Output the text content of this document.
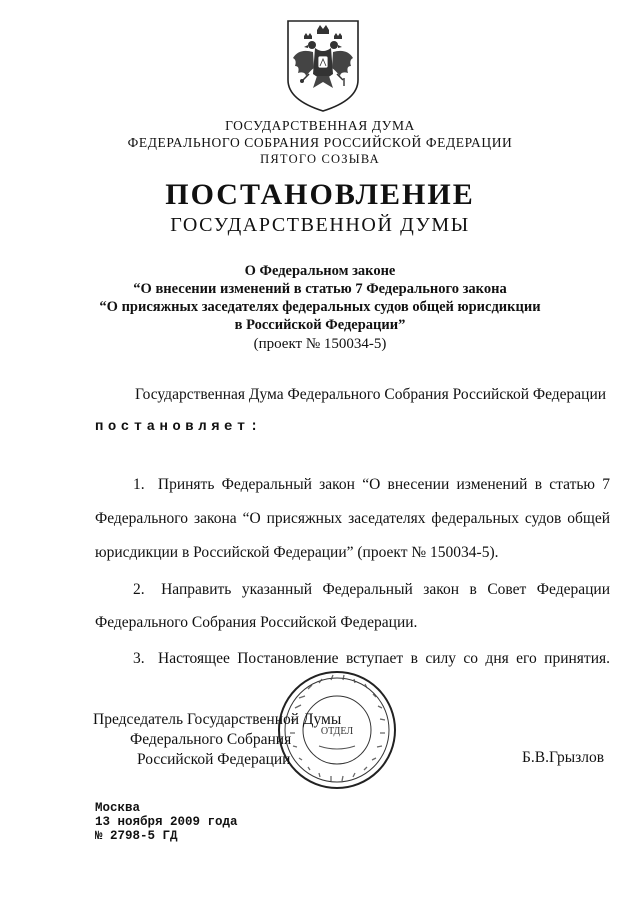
ГОСУДАРСТВЕННАЯ ДУМА
ФЕДЕРАЛЬНОГО СОБРАНИЯ РОССИЙСКОЙ ФЕДЕРАЦИИ
ПЯТОГО СОЗЫВА
ПОСТАНОВЛЕНИЕ
ГОСУДАРСТВЕННОЙ ДУМЫ
О Федеральном законе
“О внесении изменений в статью 7 Федерального закона
“О присяжных заседателях федеральных судов общей юрисдикции
в Российской Федерации”
(проект № 150034-5)
Государственная Дума Федерального Собрания Российской Федерации
постановляет:
1. Принять Федеральный закон “О внесении изменений в статью 7
Федерального закона “О присяжных заседателях федеральных судов общей
юрисдикции в Российской Федерации” (проект № 150034-5).
2. Направить указанный Федеральный закон в Совет Федерации
Федерального Собрания Российской Федерации.
3. Настоящее Постановление вступает в силу со дня его принятия.
ОТДЕЛ
Председатель Государственной Думы
Федерального Собрания
Российской Федерации	Б.В.Грызлов
Москва
13 ноября 2009 года
№ 2798-5 ГД
